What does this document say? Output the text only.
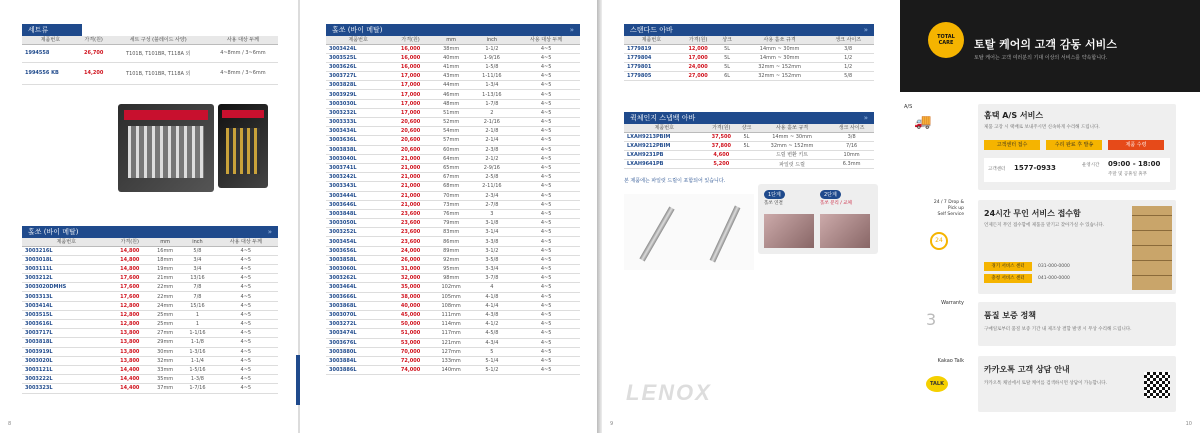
세트류
제품번호	가격(원)	세트 구성 (블레이드 사양)	사용 대상 두께
1994558	26,700	T101B, T101BR, T118A 외	4~8mm / 3~6mm
1994556 KB	14,200	T101B, T101BR, T118A 외	4~8mm / 3~6mm
홀쏘 (바이 메탈)	»
제품번호	가격(원)	mm	inch	사용 대상 두께
3003216L	14,800	16mm	5/8	4~5
3003018L	14,800	18mm	3/4	4~5
3003111L	14,800	19mm	3/4	4~5
3003212L	17,600	21mm	13/16	4~5
3003020DMHS	17,600	22mm	7/8	4~5
3003313L	17,600	22mm	7/8	4~5
3003414L	12,800	24mm	15/16	4~5
3003515L	12,800	25mm	1	4~5
3003616L	12,800	25mm	1	4~5
3003717L	13,800	27mm	1-1/16	4~5
3003818L	13,800	29mm	1-1/8	4~5
3003919L	13,800	30mm	1-3/16	4~5
3003020L	13,800	32mm	1-1/4	4~5
3003121L	14,400	33mm	1-5/16	4~5
3003222L	14,400	35mm	1-3/8	4~5
3003323L	14,400	37mm	1-7/16	4~5
8
홀쏘 (바이 메탈)	»
제품번호	가격(원)	mm	inch	사용 대상 두께
3003424L	16,000	38mm	1-1/2	4~5
3003525L	16,000	40mm	1-9/16	4~5
3003626L	16,000	41mm	1-5/8	4~5
3003727L	17,000	43mm	1-11/16	4~5
3003828L	17,000	44mm	1-3/4	4~5
3003929L	17,000	46mm	1-13/16	4~5
3003030L	17,000	48mm	1-7/8	4~5
3003232L	17,000	51mm	2	4~5
3003333L	20,600	52mm	2-1/16	4~5
3003434L	20,600	54mm	2-1/8	4~5
3003636L	20,600	57mm	2-1/4	4~5
3003838L	20,600	60mm	2-3/8	4~5
3003040L	21,000	64mm	2-1/2	4~5
3003741L	21,000	65mm	2-9/16	4~5
3003242L	21,000	67mm	2-5/8	4~5
3003343L	21,000	68mm	2-11/16	4~5
3003444L	21,000	70mm	2-3/4	4~5
3003646L	21,000	73mm	2-7/8	4~5
3003848L	23,600	76mm	3	4~5
3003050L	23,600	79mm	3-1/8	4~5
3003252L	23,600	83mm	3-1/4	4~5
3003454L	23,600	86mm	3-3/8	4~5
3003656L	24,000	89mm	3-1/2	4~5
3003858L	26,000	92mm	3-5/8	4~5
3003060L	31,000	95mm	3-3/4	4~5
3003262L	32,000	98mm	3-7/8	4~5
3003464L	35,000	102mm	4	4~5
3003666L	38,000	105mm	4-1/8	4~5
3003868L	40,000	108mm	4-1/4	4~5
3003070L	45,000	111mm	4-3/8	4~5
3003272L	50,000	114mm	4-1/2	4~5
3003474L	51,000	117mm	4-5/8	4~5
3003676L	53,000	121mm	4-3/4	4~5
3003880L	70,000	127mm	5	4~5
3003884L	72,000	133mm	5-1/4	4~5
3003886L	74,000	140mm	5-1/2	4~5
스탠다드 아바	»
제품번호	가격(원)	샹크	사용 홀쏘 규격	생크 사이즈
1779819	12,000	5L	14mm ~ 30mm	3/8
1779804	17,000	5L	14mm ~ 30mm	1/2
1779801	24,000	5L	32mm ~ 152mm	1/2
1779805	27,000	6L	32mm ~ 152mm	5/8
퀵체인지 스냅백 아바	»
제품번호	가격(원)	샹크	사용 홀쏘 규격	생크 사이즈
LXAH9213PBIM	37,500	5L	14mm ~ 30mm	3/8
LXAH9212PBIM	37,800	5L	32mm ~ 152mm	7/16
LXAH9231PB	4,600		드릴 변환 키트	10mm
LXAH9641PB	5,200		파일럿 드릴	6.3mm
본 제품에는 파일럿 드릴이 포함되어 있습니다.
1단계	2단계
홀쏘 연결	홀쏘 분리 / 교체
LENOX
9
TOTAL CARE	토탈 케어의 고객 감동 서비스
토탈 케어는 고객 여러분의 기대 이상의 서비스를 약속합니다.
A/S
🚚	홈택 A/S 서비스
제품 고장 시 택배로 보내주시면 신속하게 수리해 드립니다.
고객센터 접수	수리 완료 후 발송	제품 수령
고객센터 1577-0933	운영시간 09:00 - 18:00
주말 및 공휴일 휴무
24 / 7 Drop &
Pick up
Self Service
24
24시간 무인 서비스 접수함
언제든지 무인 접수함에 제품을 맡기고 찾아가실 수 있습니다.
경기 서비스 센터	031-000-0000
충청 서비스 센터	041-000-0000
Warranty
3	품질 보증 정책
구매일로부터 품질 보증 기간 내 제조상 결함 발생 시 무상 수리해 드립니다.
Kakao Talk
TALK
카카오톡 고객 상담 안내
카카오톡 채널에서 토탈 케어를 검색하시면 상담이 가능합니다.
10
